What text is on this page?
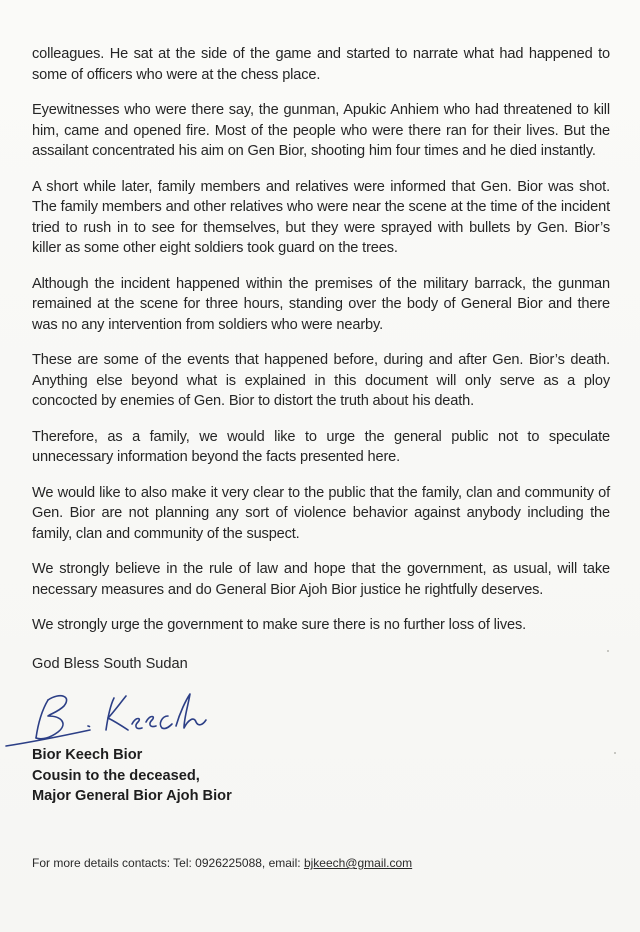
colleagues. He sat at the side of the game and started to narrate what had happened to some of officers who were at the chess place.

Eyewitnesses who were there say, the gunman, Apukic Anhiem who had threatened to kill him, came and opened fire. Most of the people who were there ran for their lives. But the assailant concentrated his aim on Gen Bior, shooting him four times and he died instantly.

A short while later, family members and relatives were informed that Gen. Bior was shot. The family members and other relatives who were near the scene at the time of the incident tried to rush in to see for themselves, but they were sprayed with bullets by Gen. Bior’s killer as some other eight soldiers took guard on the trees.

Although the incident happened within the premises of the military barrack, the gunman remained at the scene for three hours, standing over the body of General Bior and there was no any intervention from soldiers who were nearby.

These are some of the events that happened before, during and after Gen. Bior’s death. Anything else beyond what is explained in this document will only serve as a ploy concocted by enemies of Gen. Bior to distort the truth about his death.

Therefore, as a family, we would like to urge the general public not to speculate unnecessary information beyond the facts presented here.

We would like to also make it very clear to the public that the family, clan and community of Gen. Bior are not planning any sort of violence behavior against anybody including the family, clan and community of the suspect.

We strongly believe in the rule of law and hope that the government, as usual, will take necessary measures and do General Bior Ajoh Bior justice he rightfully deserves.

We strongly urge the government to make sure there is no further loss of lives.

God Bless South Sudan
Bior Keech Bior
Cousin to the deceased,
Major General Bior Ajoh Bior
For more details contacts: Tel: 0926225088, email: bjkeech@gmail.com
